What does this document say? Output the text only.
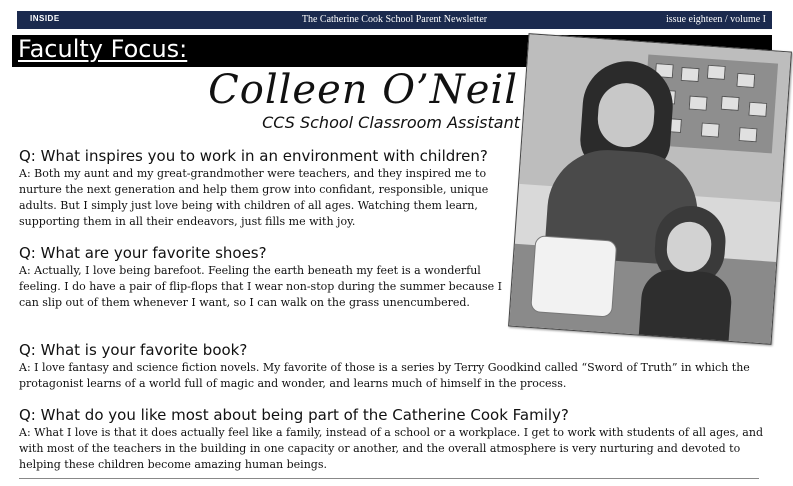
INSIDE	The Catherine Cook School Parent Newsletter	issue eighteen / volume I
Faculty Focus:
Colleen O’Neil
CCS School Classroom Assistant
Q: What inspires you to work in an environment with children?
A: Both my aunt and my great-grandmother were teachers, and they inspired me to nurture the next generation and help them grow into confidant, responsible, unique adults. But I simply just love being with children of all ages. Watching them learn, supporting them in all their endeavors, just fills me with joy.
Q: What are your favorite shoes?
A: Actually, I love being barefoot. Feeling the earth beneath my feet is a wonderful feeling. I do have a pair of flip-flops that I wear non-stop during the summer because I can slip out of them whenever I want, so I can walk on the grass unencumbered.
Q: What is your favorite book?
A: I love fantasy and science fiction novels. My favorite of those is a series by Terry Goodkind called “Sword of Truth” in which the protagonist learns of a world full of magic and wonder, and learns much of himself in the process.
Q: What do you like most about being part of the Catherine Cook Family?
A: What I love is that it does actually feel like a family, instead of a school or a workplace. I get to work with students of all ages, and with most of the teachers in the building in one capacity or another, and the overall atmosphere is very nurturing and devoted to helping these children become amazing human beings.
